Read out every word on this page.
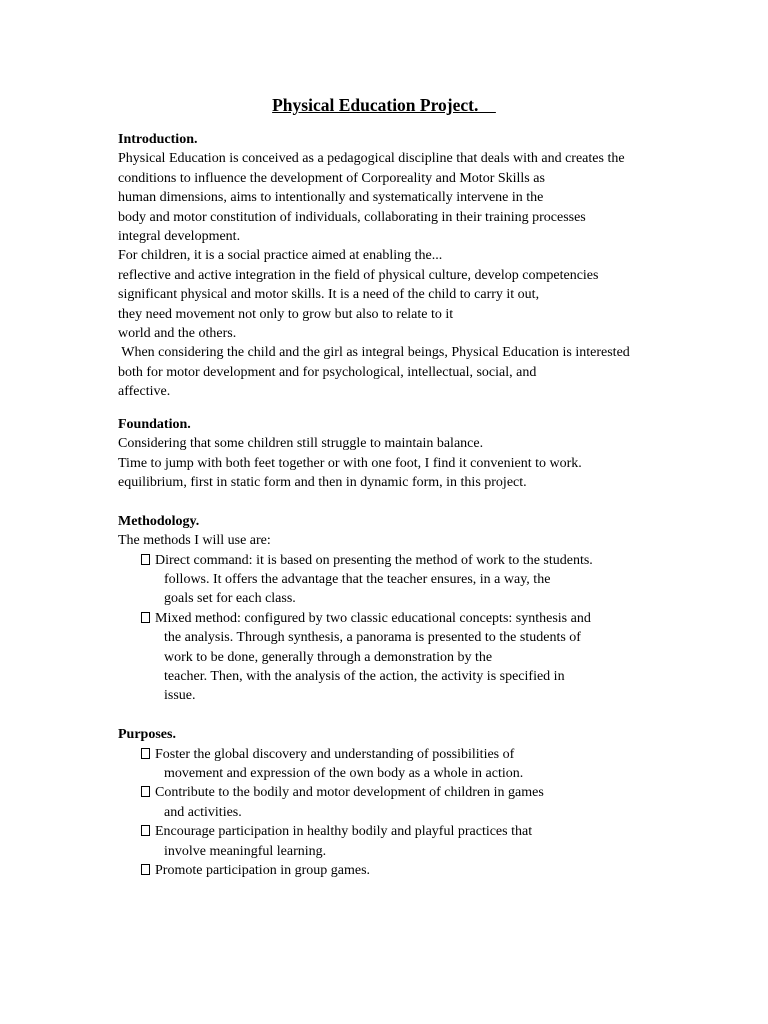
Physical Education Project.
Introduction.
Physical Education is conceived as a pedagogical discipline that deals with and creates the
conditions to influence the development of Corporeality and Motor Skills as
human dimensions, aims to intentionally and systematically intervene in the
body and motor constitution of individuals, collaborating in their training processes
integral development.
For children, it is a social practice aimed at enabling the...
reflective and active integration in the field of physical culture, develop competencies
significant physical and motor skills. It is a need of the child to carry it out,
they need movement not only to grow but also to relate to it
world and the others.
When considering the child and the girl as integral beings, Physical Education is interested
both for motor development and for psychological, intellectual, social, and
affective.
Foundation.
Considering that some children still struggle to maintain balance.
Time to jump with both feet together or with one foot, I find it convenient to work.
equilibrium, first in static form and then in dynamic form, in this project.
Methodology.
The methods I will use are:
Direct command: it is based on presenting the method of work to the students.
follows. It offers the advantage that the teacher ensures, in a way, the
goals set for each class.
Mixed method: configured by two classic educational concepts: synthesis and
the analysis. Through synthesis, a panorama is presented to the students of
work to be done, generally through a demonstration by the
teacher. Then, with the analysis of the action, the activity is specified in
issue.
Purposes.
Foster the global discovery and understanding of possibilities of
movement and expression of the own body as a whole in action.
Contribute to the bodily and motor development of children in games
and activities.
Encourage participation in healthy bodily and playful practices that
involve meaningful learning.
Promote participation in group games.
